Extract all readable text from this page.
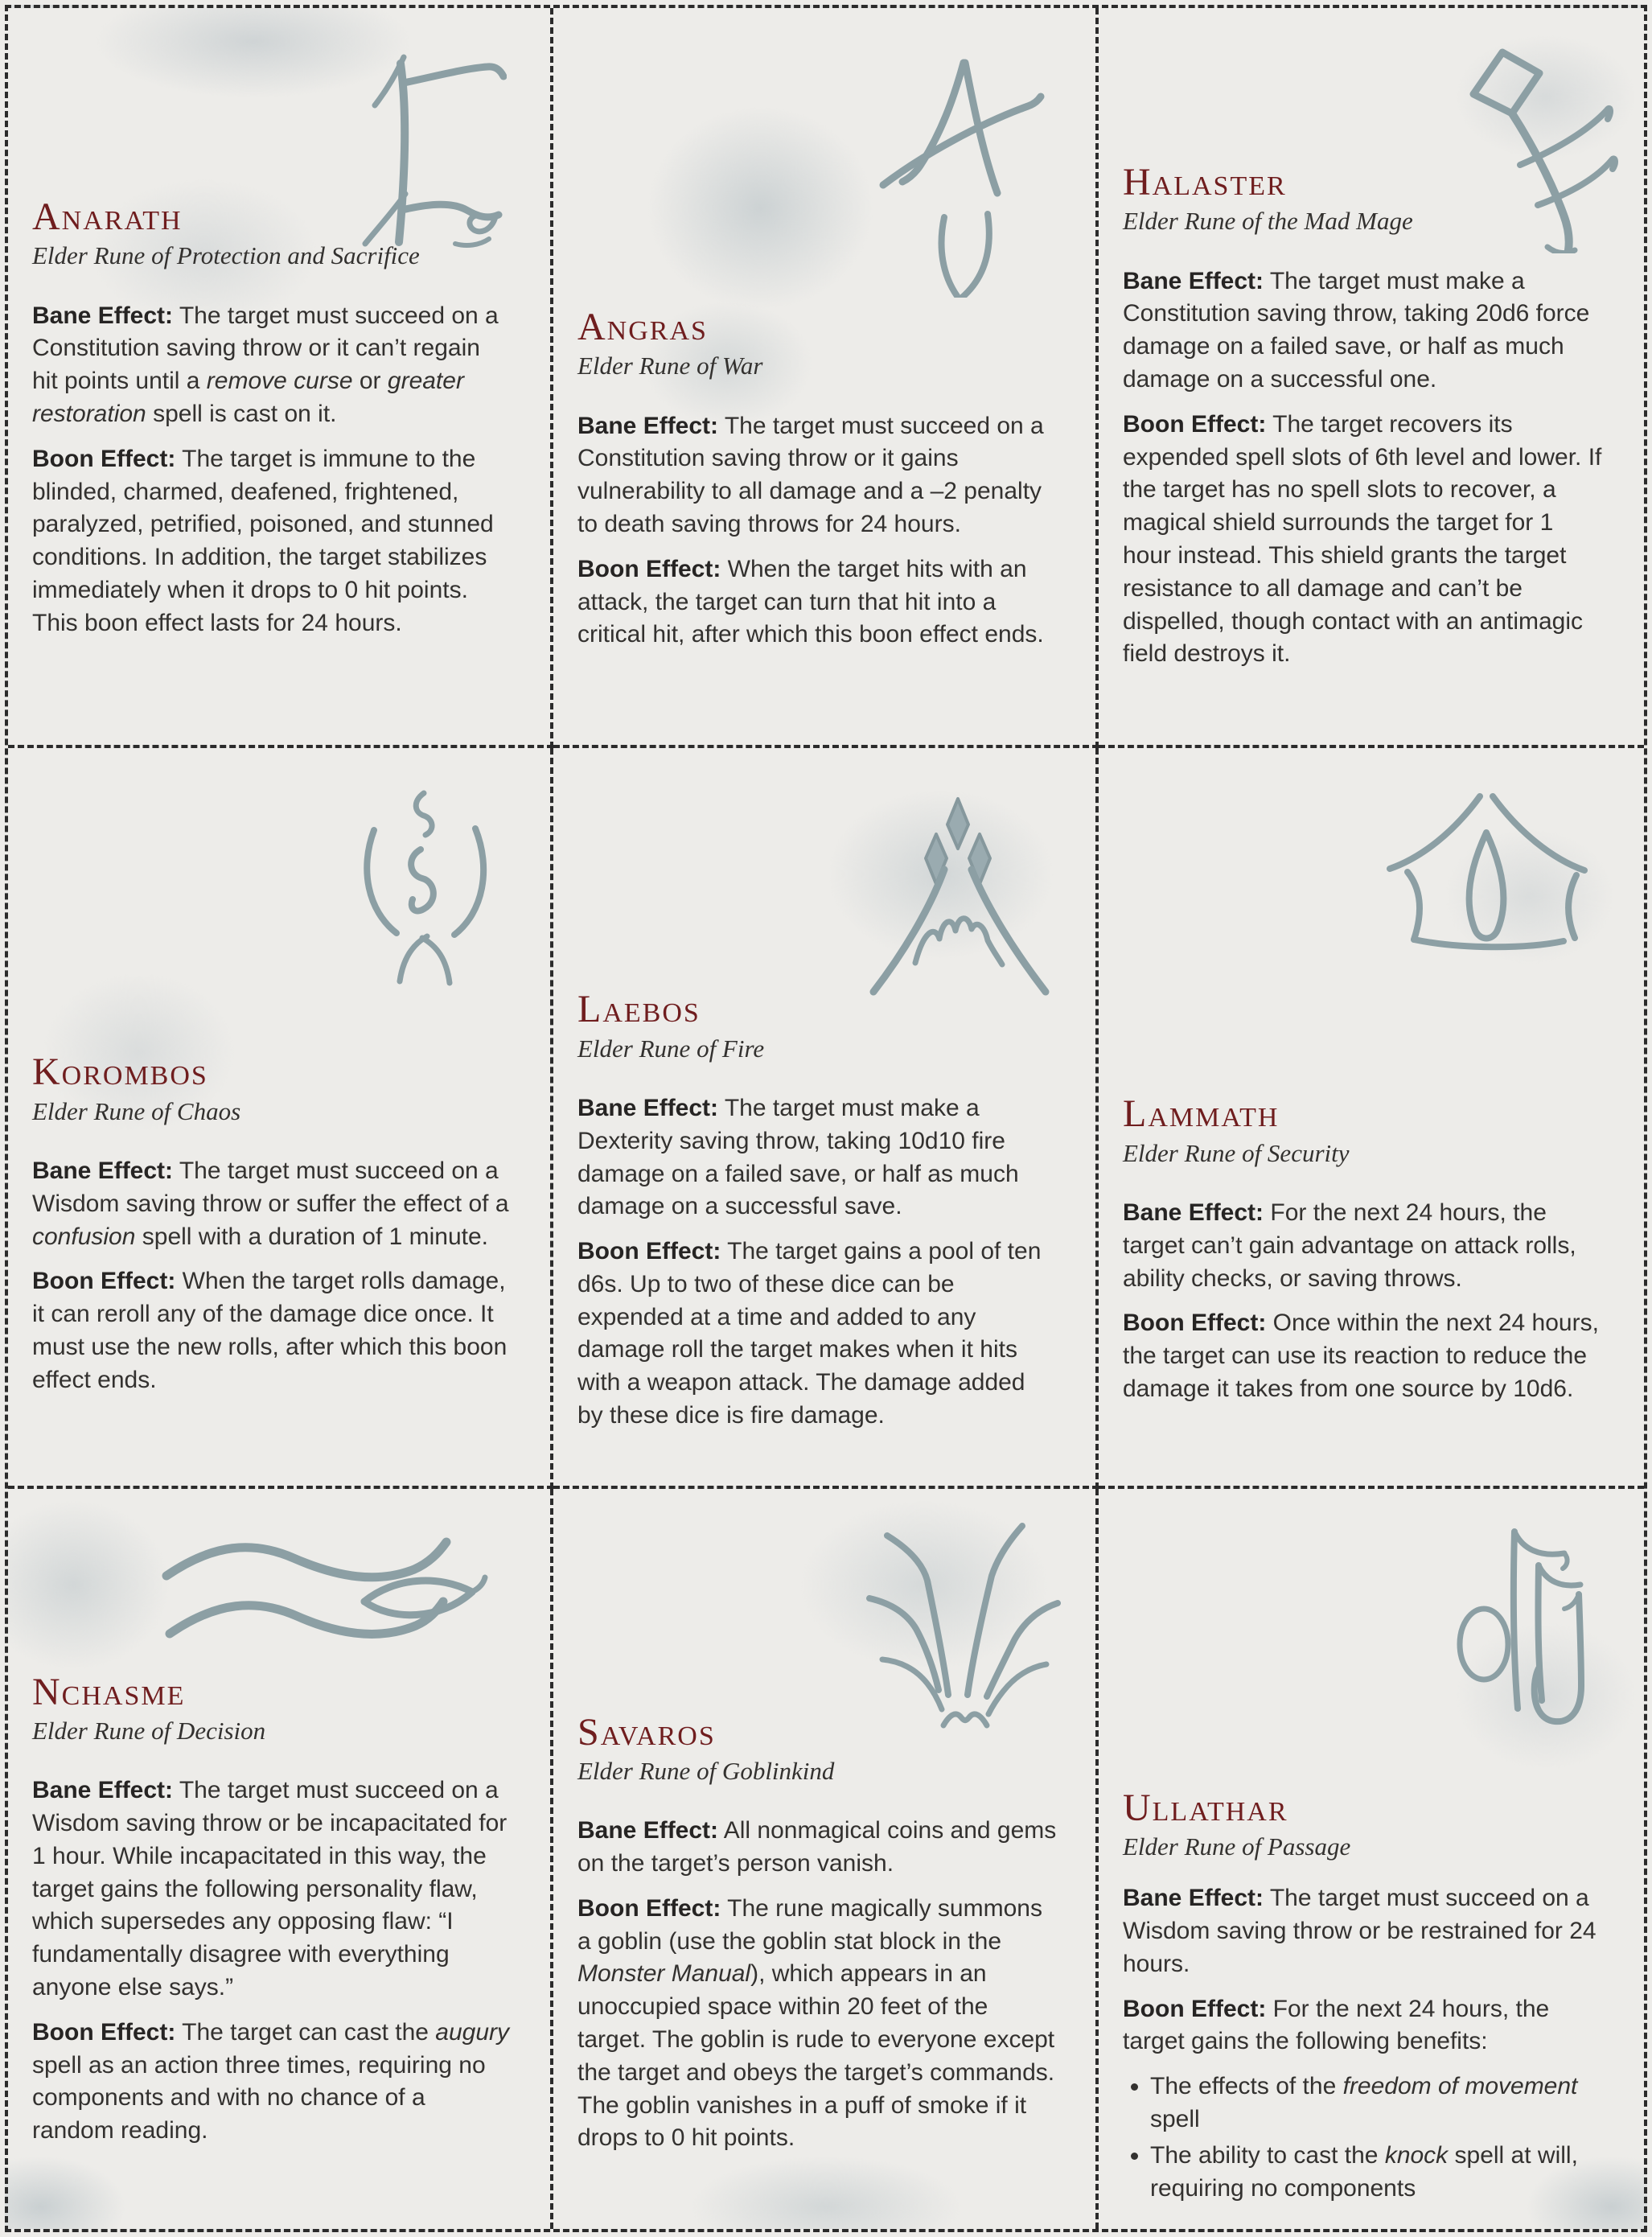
Anarath
Elder Rune of Protection and Sacrifice

Bane Effect: The target must succeed on a Constitution saving throw or it can’t regain hit points until a remove curse or greater restoration spell is cast on it.

Boon Effect: The target is immune to the blinded, charmed, deafened, frightened, paralyzed, petrified, poisoned, and stunned conditions. In addition, the target stabilizes immediately when it drops to 0 hit points. This boon effect lasts for 24 hours.

Angras
Elder Rune of War

Bane Effect: The target must succeed on a Constitution saving throw or it gains vulnerability to all damage and a –2 penalty to death saving throws for 24 hours.

Boon Effect: When the target hits with an attack, the target can turn that hit into a critical hit, after which this boon effect ends.

Halaster
Elder Rune of the Mad Mage

Bane Effect: The target must make a Constitution saving throw, taking 20d6 force damage on a failed save, or half as much damage on a successful one.

Boon Effect: The target recovers its expended spell slots of 6th level and lower. If the target has no spell slots to recover, a magical shield surrounds the target for 1 hour instead. This shield grants the target resistance to all damage and can’t be dispelled, though contact with an antimagic field destroys it.

Korombos
Elder Rune of Chaos

Bane Effect: The target must succeed on a Wisdom saving throw or suffer the effect of a confusion spell with a duration of 1 minute.

Boon Effect: When the target rolls damage, it can reroll any of the damage dice once. It must use the new rolls, after which this boon effect ends.

Laebos
Elder Rune of Fire

Bane Effect: The target must make a Dexterity saving throw, taking 10d10 fire damage on a failed save, or half as much damage on a successful save.

Boon Effect: The target gains a pool of ten d6s. Up to two of these dice can be expended at a time and added to any damage roll the target makes when it hits with a weapon attack. The damage added by these dice is fire damage.

Lammath
Elder Rune of Security

Bane Effect: For the next 24 hours, the target can’t gain advantage on attack rolls, ability checks, or saving throws.

Boon Effect: Once within the next 24 hours, the target can use its reaction to reduce the damage it takes from one source by 10d6.

Nchasme
Elder Rune of Decision

Bane Effect: The target must succeed on a Wisdom saving throw or be incapacitated for 1 hour. While incapacitated in this way, the target gains the following personality flaw, which supersedes any opposing flaw: “I fundamentally disagree with everything anyone else says.”

Boon Effect: The target can cast the augury spell as an action three times, requiring no components and with no chance of a random reading.

Savaros
Elder Rune of Goblinkind

Bane Effect: All nonmagical coins and gems on the target’s person vanish.

Boon Effect: The rune magically summons a goblin (use the goblin stat block in the Monster Manual), which appears in an unoccupied space within 20 feet of the target. The goblin is rude to everyone except the target and obeys the target’s commands. The goblin vanishes in a puff of smoke if it drops to 0 hit points.

Ullathar
Elder Rune of Passage

Bane Effect: The target must succeed on a Wisdom saving throw or be restrained for 24 hours.

Boon Effect: For the next 24 hours, the target gains the following benefits:

• The effects of the freedom of movement spell
• The ability to cast the knock spell at will, requiring no components
